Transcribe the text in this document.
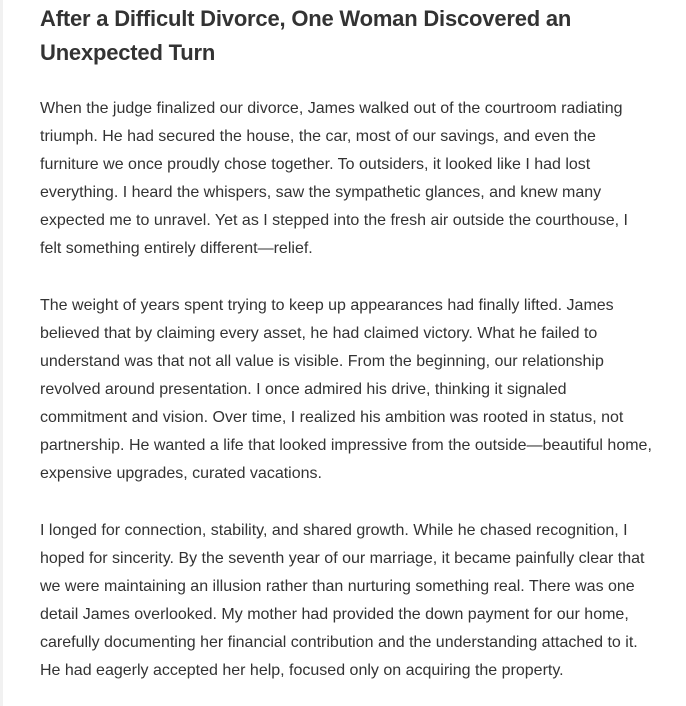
After a Difficult Divorce, One Woman Discovered an Unexpected Turn

When the judge finalized our divorce, James walked out of the courtroom radiating triumph. He had secured the house, the car, most of our savings, and even the furniture we once proudly chose together. To outsiders, it looked like I had lost everything. I heard the whispers, saw the sympathetic glances, and knew many expected me to unravel. Yet as I stepped into the fresh air outside the courthouse, I felt something entirely different—relief.

The weight of years spent trying to keep up appearances had finally lifted. James believed that by claiming every asset, he had claimed victory. What he failed to understand was that not all value is visible. From the beginning, our relationship revolved around presentation. I once admired his drive, thinking it signaled commitment and vision. Over time, I realized his ambition was rooted in status, not partnership. He wanted a life that looked impressive from the outside—beautiful home, expensive upgrades, curated vacations.

I longed for connection, stability, and shared growth. While he chased recognition, I hoped for sincerity. By the seventh year of our marriage, it became painfully clear that we were maintaining an illusion rather than nurturing something real. There was one detail James overlooked. My mother had provided the down payment for our home, carefully documenting her financial contribution and the understanding attached to it. He had eagerly accepted her help, focused only on acquiring the property.
